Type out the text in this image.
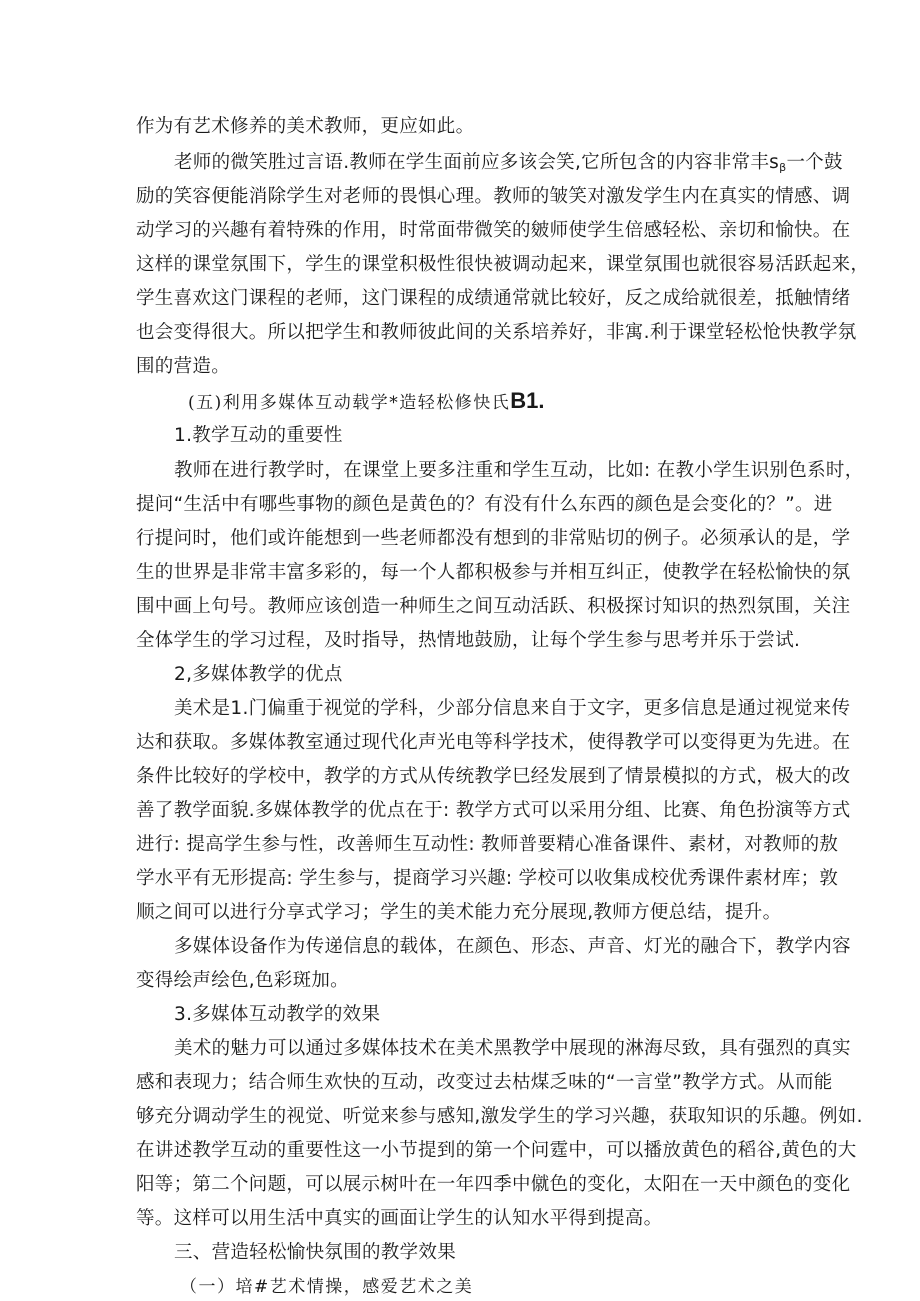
作为有艺术修养的美术教师，更应如此。
老师的微笑胜过言语.教师在学生面前应多该会笑,它所包含的内容非常丰$s_\beta$一个鼓
励的笑容便能消除学生对老师的畏惧心理。教师的皱笑对激发学生内在真实的情感、调
动学习的兴趣有着特殊的作用，时常面带微笑的皴师使学生倍感轻松、亲切和愉快。在
这样的课堂氛围下，学生的课堂积极性很快被调动起来，课堂氛围也就很容易活跃起来，
学生喜欢这门课程的老师，这门课程的成绩通常就比较好，反之成给就很差，抵触情绪
也会变得很大。所以把学生和教师彼此间的关系培养好，非寓.利于课堂轻松怆快教学氛
围的营造。
(五)利用多媒体互动载学*造轻松修快氏B1.
1.教学互动的重要性
教师在进行教学时，在课堂上要多注重和学生互动，比如: 在教小学生识别色系时，
提问“生活中有哪些事物的颜色是黄色的？有没有什么东西的颜色是会变化的？”。进
行提问时，他们或许能想到一些老师都没有想到的非常贴切的例子。必须承认的是，学
生的世界是非常丰富多彩的，每一个人都积极参与并相互纠正，使教学在轻松愉快的氛
围中画上句号。教师应该创造一种师生之间互动活跃、积极探讨知识的热烈氛围，关注
全体学生的学习过程，及时指导，热情地鼓励，让每个学生参与思考并乐于尝试.
2,多媒体教学的优点
美术是1.门偏重于视觉的学科，少部分信息来自于文字，更多信息是通过视觉来传
达和获取。多媒体教室通过现代化声光电等科学技术，使得教学可以变得更为先进。在
条件比较好的学校中，教学的方式从传统教学巳经发展到了情景模拟的方式，极大的改
善了教学面貌.多媒体教学的优点在于: 教学方式可以采用分组、比赛、角色扮演等方式
进行: 提高学生参与性，改善师生互动性: 教师普要精心准备课件、素材，对教师的敖
学水平有无形提高: 学生参与，提商学习兴趣: 学校可以收集成校优秀课件素材库；敦
顺之间可以进行分享式学习；学生的美术能力充分展现,教师方便总结，提升。
多媒体设备作为传递信息的载体，在颜色、形态、声音、灯光的融合下，教学内容
变得绘声绘色,色彩斑加。
3.多媒体互动教学的效果
美术的魅力可以通过多媒体技术在美术黑教学中展现的淋海尽致，具有强烈的真实
感和表现力；结合师生欢快的互动，改变过去枯煤乏味的“一言堂”教学方式。从而能
够充分调动学生的视觉、听觉来参与感知,激发学生的学习兴趣，获取知识的乐趣。例如.
在讲述教学互动的重要性这一小节提到的第一个问霆中，可以播放黄色的稻谷,黄色的大
阳等；第二个问题，可以展示树叶在一年四季中僦色的变化，太阳在一天中颜色的变化
等。这样可以用生活中真实的画面让学生的认知水平得到提高。
三、营造轻松愉快氛围的教学效果
（一）培#艺术情操，感爱艺术之美
